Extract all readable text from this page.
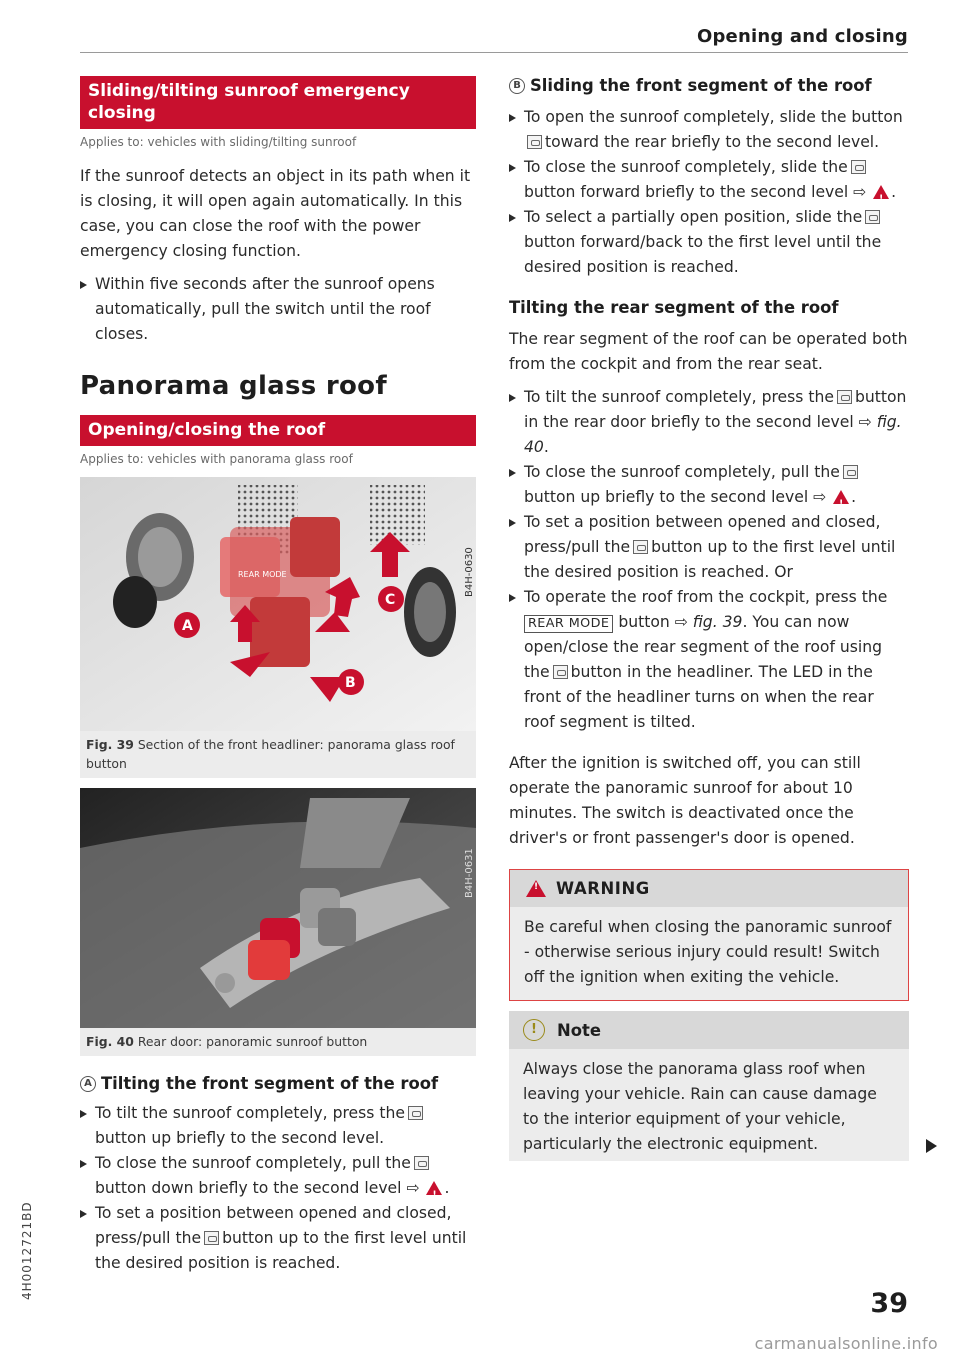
Opening and closing
Sliding/tilting sunroof emergency closing
Applies to: vehicles with sliding/tilting sunroof

If the sunroof detects an object in its path when it is closing, it will open again automatically. In this case, you can close the roof with the power emergency closing function.

Within five seconds after the sunroof opens automatically, pull the switch until the roof closes.
Panorama glass roof
Opening/closing the roof
Applies to: vehicles with panorama glass roof
A
C
B
REAR MODE	B4H-0630
Fig. 39 Section of the front headliner: panorama glass roof button
B4H-0631
Fig. 40 Rear door: panoramic sunroof button
A Tilting the front segment of the roof
To tilt the sunroof completely, press thebutton up briefly to the second level.
To close the sunroof completely, pull thebutton down briefly to the second level ⇨ !.
To set a position between opened and closed, press/pull the button up to the first level until the desired position is reached.
B Sliding the front segment of the roof
To open the sunroof completely, slide the buttontoward the rear briefly to the second level.
To close the sunroof completely, slide thebutton forward briefly to the second level ⇨ !.
To select a partially open position, slide thebutton forward/back to the first level until the desired position is reached.
Tilting the rear segment of the roof

The rear segment of the roof can be operated both from the cockpit and from the rear seat.

To tilt the sunroof completely, press the button in the rear door briefly to the second level ⇨ fig. 40.
To close the sunroof completely, pull thebutton up briefly to the second level ⇨ !.
To set a position between opened and closed, press/pull the button up to the first level until the desired position is reached. Or
To operate the roof from the cockpit, press the REAR MODE button ⇨ fig. 39. You can now open/close the rear segment of the roof using the button in the headliner. The LED in the front of the headliner turns on when the rear roof segment is tilted.

After the ignition is switched off, you can still operate the panoramic sunroof for about 10 minutes. The switch is deactivated once the driver's or front passenger's door is opened.

!
WARNING
Be careful when closing the panoramic sunroof - otherwise serious injury could result! Switch off the ignition when exiting the vehicle.
!	Note
Always close the panorama glass roof when leaving your vehicle. Rain can cause damage to the interior equipment of your vehicle, particularly the electronic equipment.
4H0012721BD
39
carmanualsonline.info
